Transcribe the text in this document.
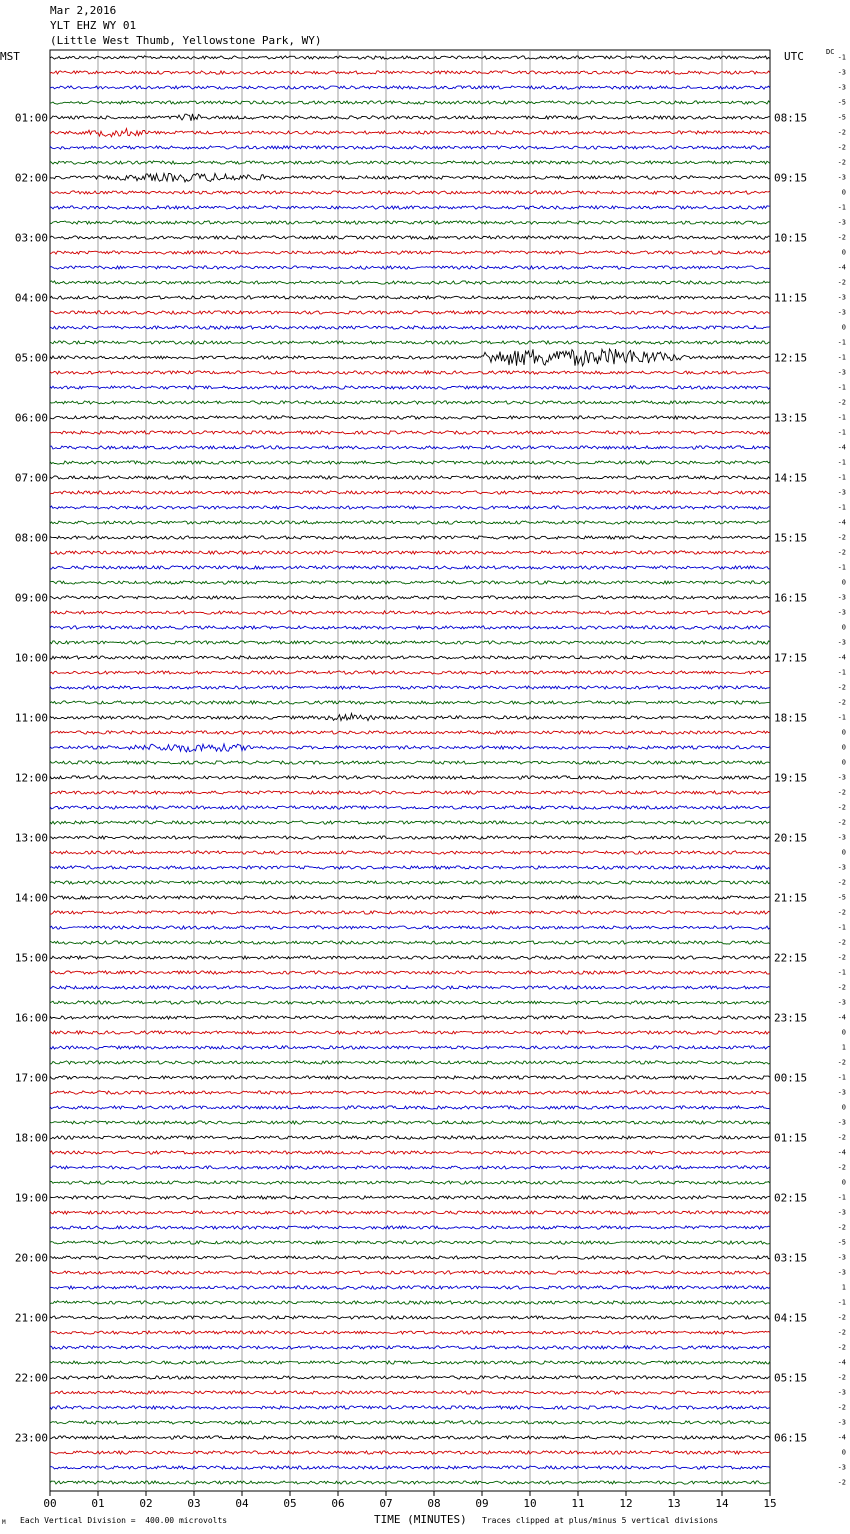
Mar 2,2016
YLT EHZ WY 01
(Little West Thumb, Yellowstone Park, WY)
MST	UTC	DC
-1
-3
-3
-5
-5
-2
-2
-2
-3
0
-1
-3
-2
0
-4
-2
-3
-3
0
-1
-1
-3
-1
-2
-1
-1
-4
-1
-1
-3
-1
-4
-2
-2
-1
0
-3
-3
0
-3
-4
-1
-2
-2
-1
0
0
0
-3
-2
-2
-2
-3
0
-3
-2
-5
-2
-1
-2
-2
-1
-2
-3
-4
0
1
-2
-1
-3
0
-3
-2
-4
-2
0
-1
-3
-2
-5
-3
-3
1
-1
-2
-2
-2
-4
-2
-3
-2
-3
-4
0
-3
-2
01:00	08:15
02:00	09:15
03:00	10:15
04:00	11:15
05:00	12:15
06:00	13:15
07:00	14:15
08:00	15:15
09:00	16:15
10:00	17:15
11:00	18:15
12:00	19:15
13:00	20:15
14:00	21:15
15:00	22:15
16:00	23:15
17:00	00:15
18:00	01:15
19:00	02:15
20:00	03:15
21:00	04:15
22:00	05:15
23:00	06:15
00	01	02	03	04	05	06	07	08	09	10	11	12	13	14	15
M Each Vertical Division =  400.00 microvolts	TIME (MINUTES) Traces clipped at plus/minus 5 vertical divisions
